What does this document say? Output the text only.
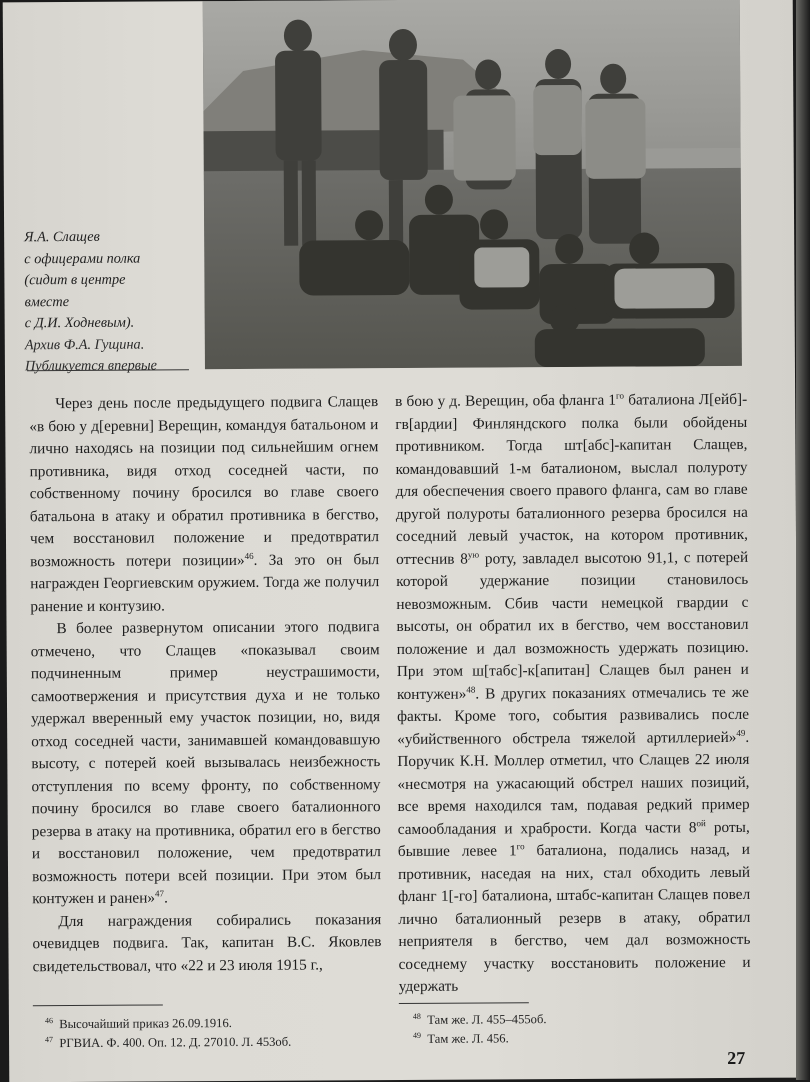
Я.А. Слащев
с офицерами полка
(сидит в центре
вместе
с Д.И. Ходневым).
Архив Ф.А. Гущина.
Публикуется впервые

Через день после предыдущего подвига Слащев «в бою у д[еревни] Верещин, командуя батальоном и лично находясь на позиции под сильнейшим огнем противника, видя отход соседней части, по собственному почину бросился во главе своего батальона в атаку и обратил противника в бегство, чем восстановил положение и предотвратил возможность потери позиции»$^{46}$. За это он был награжден Георгиевским оружием. Тогда же получил ранение и контузию.

В более развернутом описании этого подвига отмечено, что Слащев «показывал своим подчиненным пример неустрашимости, самоотвержения и присутствия духа и не только удержал вверенный ему участок позиции, но, видя отход соседней части, занимавшей командовавшую высоту, с потерей коей вызывалась неизбежность отступления по всему фронту, по собственному почину бросился во главе своего баталионного резерва в атаку на противника, обратил его в бегство и восстановил положение, чем предотвратил возможность потери всей позиции. При этом был контужен и ранен»$^{47}$.

Для награждения собирались показания очевидцев подвига. Так, капитан В.С. Яковлев свидетельствовал, что «22 и 23 июля 1915 г.,

в бою у д. Верещин, оба фланга $1^{го}$ баталиона Л[ейб]-гв[ардии] Финляндского полка были обойдены противником. Тогда шт[абс]-капитан Слащев, командовавший 1-м баталионом, выслал полуроту для обеспечения своего правого фланга, сам во главе другой полуроты баталионного резерва бросился на соседний левый участок, на котором противник, оттеснив $8^{ую}$ роту, завладел высотою 91,1, с потерей которой удержание позиции становилось невозможным. Сбив части немецкой гвардии с высоты, он обратил их в бегство, чем восстановил положение и дал возможность удержать позицию. При этом ш[табс]-к[апитан] Слащев был ранен и контужен»$^{48}$. В других показаниях отмечались те же факты. Кроме того, события развивались после «убийственного обстрела тяжелой артиллерией»$^{49}$. Поручик К.Н. Моллер отметил, что Слащев 22 июля «несмотря на ужасающий обстрел наших позиций, все время находился там, подавая редкий пример самообладания и храбрости. Когда части $8^{ой}$ роты, бывшие левее $1^{го}$ баталиона, подались назад, и противник, наседая на них, стал обходить левый фланг 1[-го] баталиона, штабс-капитан Слащев повел лично баталионный резерв в атаку, обратил неприятеля в бегство, чем дал возможность соседнему участку восстановить положение и удержать

$^{46}$ Высочайший приказ 26.09.1916.
$^{47}$ РГВИА. Ф. 400. Оп. 12. Д. 27010. Л. 453об.
$^{48}$ Там же. Л. 455–455об.
$^{49}$ Там же. Л. 456.
27
